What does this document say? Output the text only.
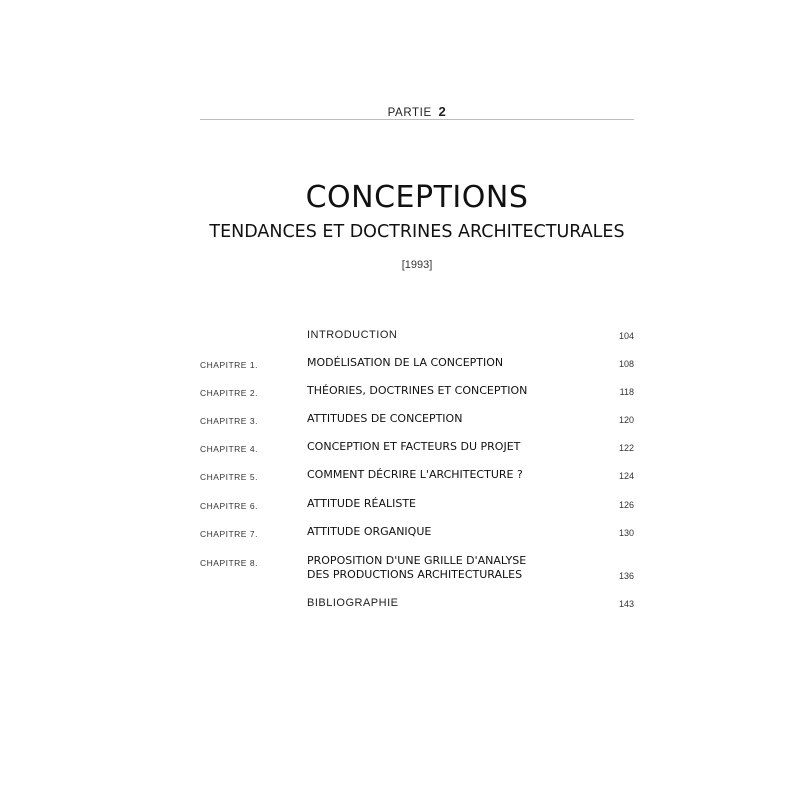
PARTIE 2
CONCEPTIONS
TENDANCES ET DOCTRINES ARCHITECTURALES
[1993]
INTRODUCTION	104
CHAPITRE 1.	MODÉLISATION DE LA CONCEPTION	108
CHAPITRE 2.	THÉORIES, DOCTRINES ET CONCEPTION	118
CHAPITRE 3.	ATTITUDES DE CONCEPTION	120
CHAPITRE 4.	CONCEPTION ET FACTEURS DU PROJET	122
CHAPITRE 5.	COMMENT DÉCRIRE L'ARCHITECTURE ?	124
CHAPITRE 6.	ATTITUDE RÉALISTE	126
CHAPITRE 7.	ATTITUDE ORGANIQUE	130
CHAPITRE 8.	PROPOSITION D'UNE GRILLE D'ANALYSE
DES PRODUCTIONS ARCHITECTURALES	136
BIBLIOGRAPHIE	143
